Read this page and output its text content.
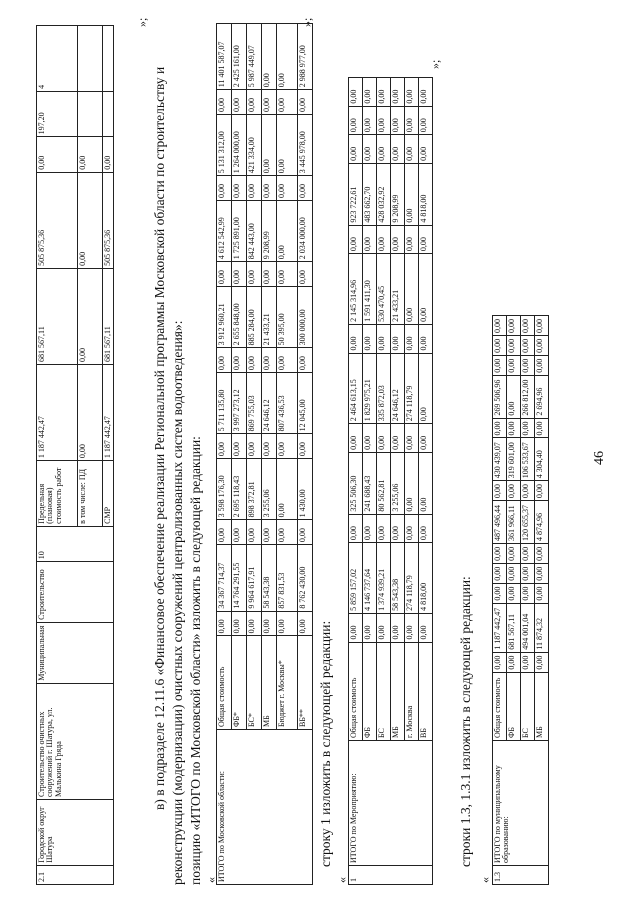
46
2.1	Городской округ Шатура	Строительство очистных сооружений г. Шатура, ул. Малькина Гряда	Муниципальная	Строительство	10	Предельная (плановая) стоимость работ	1 187 442,47	681 567,11	505 875,36	0,00	197,20	4
						в том числе: ПД	0,00	0,00	0,00	0,00		
						СМР	1 187 442,47	681 567,11	505 875,36	0,00		
»;
в) в подразделе 12.11.6 «Финансовое обеспечение реализации Региональной программы Московской области по строительству и реконструкции (модернизации) очистных сооружений централизованных систем водоотведения»: позицию «ИТОГО по Московской области» изложить в следующей редакции: « ИТОГО по Московской области:	Общая стоимость	0,00	34 367 714,37	0,00	3 598 176,30	0,00	5 711 135,80	0,00	3 912 960,21	0,00	4 612 542,99	0,00	5 131 312,00	0,00	11 401 587,07
	ФБ*	0,00	14 764 291,55	0,00	2 695 118,43	0,00	3 997 273,12	0,00	2 655 848,00	0,00	1 725 891,00	0,00	1 264 000,00	0,00	2 425 161,00
	БС*	0,00	9 964 617,91	0,00	898 372,81	0,00	869 755,03	0,00	885 284,00	0,00	842 443,00	0,00	421 334,00	0,00	5 987 449,07
	МБ	0,00	58 543,38	0,00	3 255,06	0,00	24 646,12	0,00	21 433,21	0,00	9 208,99	0,00	0,00	0,00	0,00
	Бюджет г. Москвы*	0,00	857 831,53	0,00	0,00	0,00	807 436,53	0,00	50 395,00	0,00	0,00	0,00	0,00	0,00	0,00
	ВБ**	0,00	8 762 430,00	0,00	1 430,00	0,00	12 045,00	0,00	300 000,00	0,00	2 034 000,00	0,00	3 445 978,00	0,00	2 988 977,00
»;
строку 1 изложить в следующей редакции:
« 1	ИТОГО по Мероприятию:	Общая стоимость	0,00	5 859 157,02	0,00	325 506,30	0,00	2 464 613,15	0,00	2 145 314,96	0,00	923 722,61	0,00	0,00	0,00
		ФБ	0,00	4 146 737,64	0,00	241 688,43	0,00	1 829 975,21	0,00	1 591 411,30	0,00	483 662,70	0,00	0,00	0,00
		БС	0,00	1 374 939,21	0,00	80 562,81	0,00	335 872,03	0,00	530 470,45	0,00	428 032,92	0,00	0,00	0,00
		МБ	0,00	58 543,38	0,00	3 255,06	0,00	24 646,12	0,00	21 433,21	0,00	9 208,99	0,00	0,00	0,00
		г. Москва	0,00	274 118,79	0,00	0,00	0,00	274 118,79	0,00	0,00	0,00	0,00	0,00	0,00	0,00
		ВБ	0,00	4 818,00	0,00	0,00	0,00	0,00	0,00	0,00	0,00	4 818,00	0,00	0,00	0,00
»;
строки 1.3, 1.3.1 изложить в следующей редакции:
« 1.3	ИТОГО по муниципальному образованию:	Общая стоимость	0,00	1 187 442,47	0,00	0,00	0,00	487 496,44	0,00	430 439,07	0,00	269 506,96	0,00	0,00	0,00
		ФБ	0,00	681 567,11	0,00	0,00	0,00	361 966,11	0,00	319 601,00	0,00	0,00	0,00	0,00	0,00
		БС	0,00	494 001,04	0,00	0,00	0,00	120 655,37	0,00	106 533,67	0,00	266 812,00	0,00	0,00	0,00
		МБ	0,00	11 874,32	0,00	0,00	0,00	4 874,96	0,00	4 304,40	0,00	2 694,96	0,00	0,00	0,00
